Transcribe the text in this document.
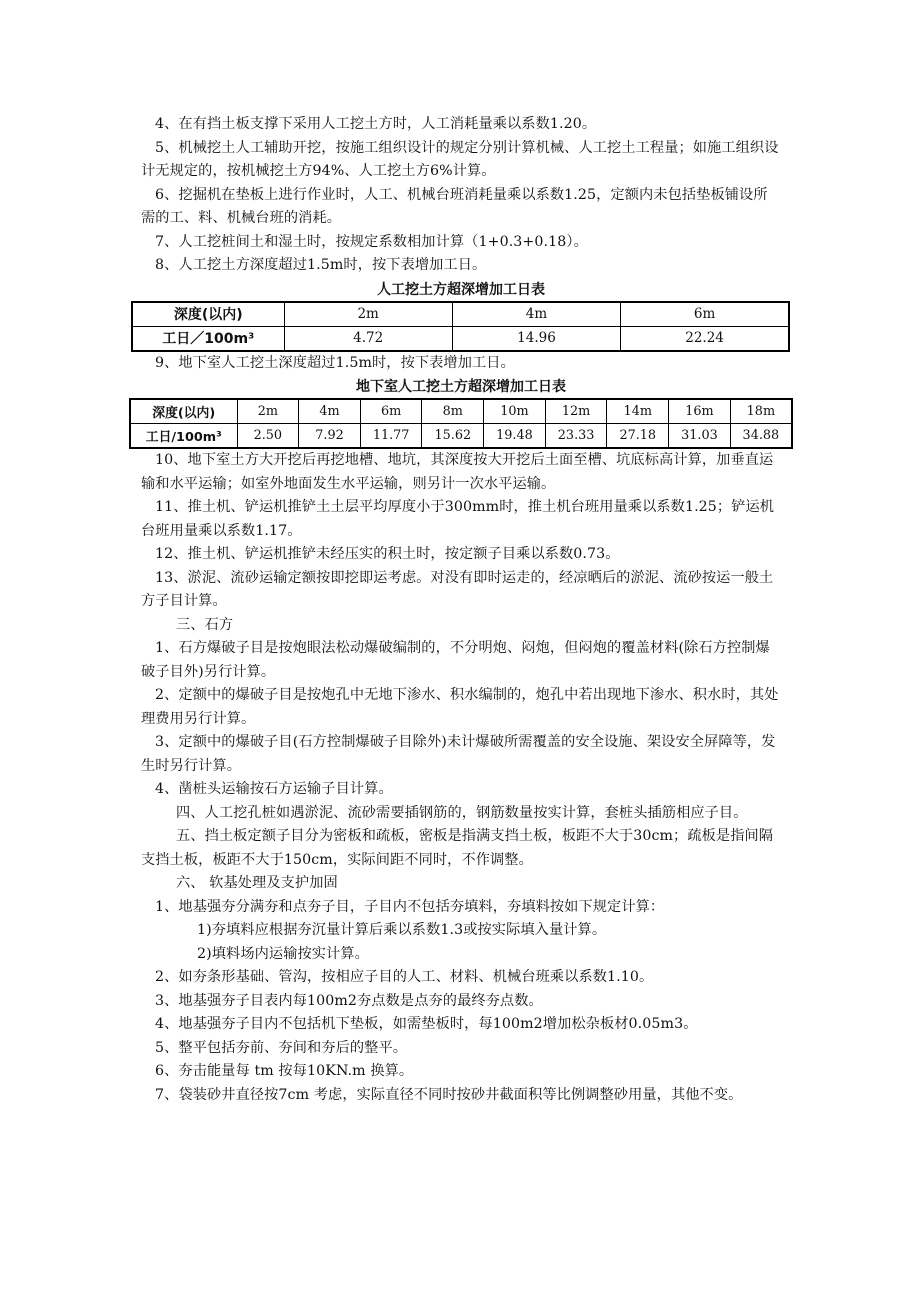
4、在有挡土板支撑下采用人工挖土方时，人工消耗量乘以系数1.20。

5、机械挖土人工辅助开挖，按施工组织设计的规定分别计算机械、人工挖土工程量；如施工组织设计无规定的，按机械挖土方94%、人工挖土方6%计算。

6、挖掘机在垫板上进行作业时，人工、机械台班消耗量乘以系数1.25，定额内未包括垫板铺设所需的工、料、机械台班的消耗。

7、人工挖桩间土和湿土时，按规定系数相加计算（1+0.3+0.18）。

8、人工挖土方深度超过1.5m时，按下表增加工日。

人工挖土方超深增加工日表
深度(以内)	2m	4m	6m
工日／100m³	4.72	14.96	22.24

9、地下室人工挖土深度超过1.5m时，按下表增加工日。

地下室人工挖土方超深增加工日表
深度(以内)	2m	4m	6m	8m	10m	12m	14m	16m	18m
工日/100m³	2.50	7.92	11.77	15.62	19.48	23.33	27.18	31.03	34.88

10、地下室土方大开挖后再挖地槽、地坑，其深度按大开挖后土面至槽、坑底标高计算，加垂直运输和水平运输；如室外地面发生水平运输，则另计一次水平运输。

11、推土机、铲运机推铲土土层平均厚度小于300mm时，推土机台班用量乘以系数1.25；铲运机台班用量乘以系数1.17。

12、推土机、铲运机推铲未经压实的积土时，按定额子目乘以系数0.73。

13、淤泥、流砂运输定额按即挖即运考虑。对没有即时运走的，经凉晒后的淤泥、流砂按运一般土方子目计算。

三、石方

1、石方爆破子目是按炮眼法松动爆破编制的，不分明炮、闷炮，但闷炮的覆盖材料(除石方控制爆破子目外)另行计算。

2、定额中的爆破子目是按炮孔中无地下渗水、积水编制的，炮孔中若出现地下渗水、积水时，其处理费用另行计算。

3、定额中的爆破子目(石方控制爆破子目除外)未计爆破所需覆盖的安全设施、架设安全屏障等，发生时另行计算。

4、凿桩头运输按石方运输子目计算。

四、人工挖孔桩如遇淤泥、流砂需要插钢筋的，钢筋数量按实计算，套桩头插筋相应子目。

五、挡土板定额子目分为密板和疏板，密板是指满支挡土板，板距不大于30cm；疏板是指间隔支挡土板，板距不大于150cm，实际间距不同时，不作调整。

六、 软基处理及支护加固

1、地基强夯分满夯和点夯子目，子目内不包括夯填料，夯填料按如下规定计算：

1)夯填料应根据夯沉量计算后乘以系数1.3或按实际填入量计算。

2)填料场内运输按实计算。

2、如夯条形基础、管沟，按相应子目的人工、材料、机械台班乘以系数1.10。

3、地基强夯子目表内每100m2夯点数是点夯的最终夯点数。

4、地基强夯子目内不包括机下垫板，如需垫板时，每100m2增加松杂板材0.05m3。

5、整平包括夯前、夯间和夯后的整平。

6、夯击能量每 tm 按每10KN.m 换算。

7、袋装砂井直径按7cm 考虑，实际直径不同时按砂井截面积等比例调整砂用量，其他不变。
